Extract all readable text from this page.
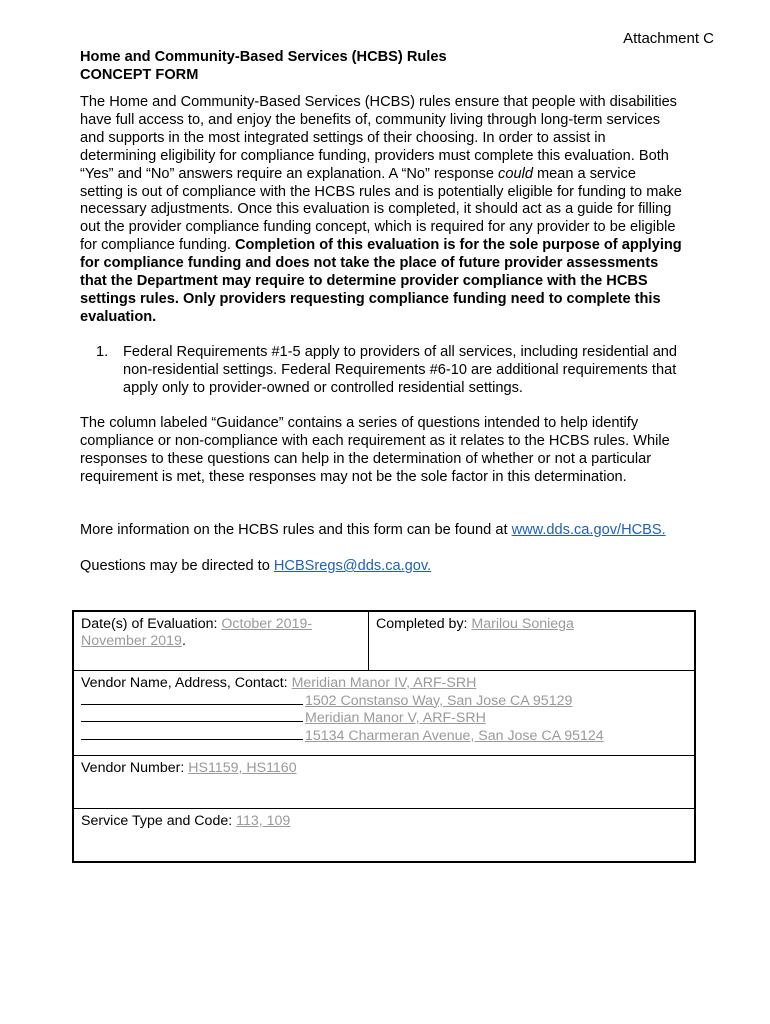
Attachment C
Home and Community-Based Services (HCBS) Rules
CONCEPT FORM
The Home and Community-Based Services (HCBS) rules ensure that people with disabilities have full access to, and enjoy the benefits of, community living through long-term services and supports in the most integrated settings of their choosing. In order to assist in determining eligibility for compliance funding, providers must complete this evaluation. Both “Yes” and “No” answers require an explanation. A “No” response could mean a service setting is out of compliance with the HCBS rules and is potentially eligible for funding to make necessary adjustments. Once this evaluation is completed, it should act as a guide for filling out the provider compliance funding concept, which is required for any provider to be eligible for compliance funding. Completion of this evaluation is for the sole purpose of applying for compliance funding and does not take the place of future provider assessments that the Department may require to determine provider compliance with the HCBS settings rules. Only providers requesting compliance funding need to complete this evaluation.
1.	Federal Requirements #1-5 apply to providers of all services, including residential and non-residential settings. Federal Requirements #6-10 are additional requirements that apply only to provider-owned or controlled residential settings.
The column labeled “Guidance” contains a series of questions intended to help identify compliance or non-compliance with each requirement as it relates to the HCBS rules. While responses to these questions can help in the determination of whether or not a particular requirement is met, these responses may not be the sole factor in this determination.
More information on the HCBS rules and this form can be found at www.dds.ca.gov/HCBS.
Questions may be directed to HCBSregs@dds.ca.gov.
Date(s) of Evaluation: October 2019-November 2019.	Completed by: Marilou Soniega

Vendor Name, Address, Contact: Meridian Manor IV, ARF-SRH
1502 Constanso Way, San Jose CA 95129
Meridian Manor V, ARF-SRH
15134 Charmeran Avenue, San Jose CA 95124

Vendor Number: HS1159, HS1160
Service Type and Code: 113, 109
